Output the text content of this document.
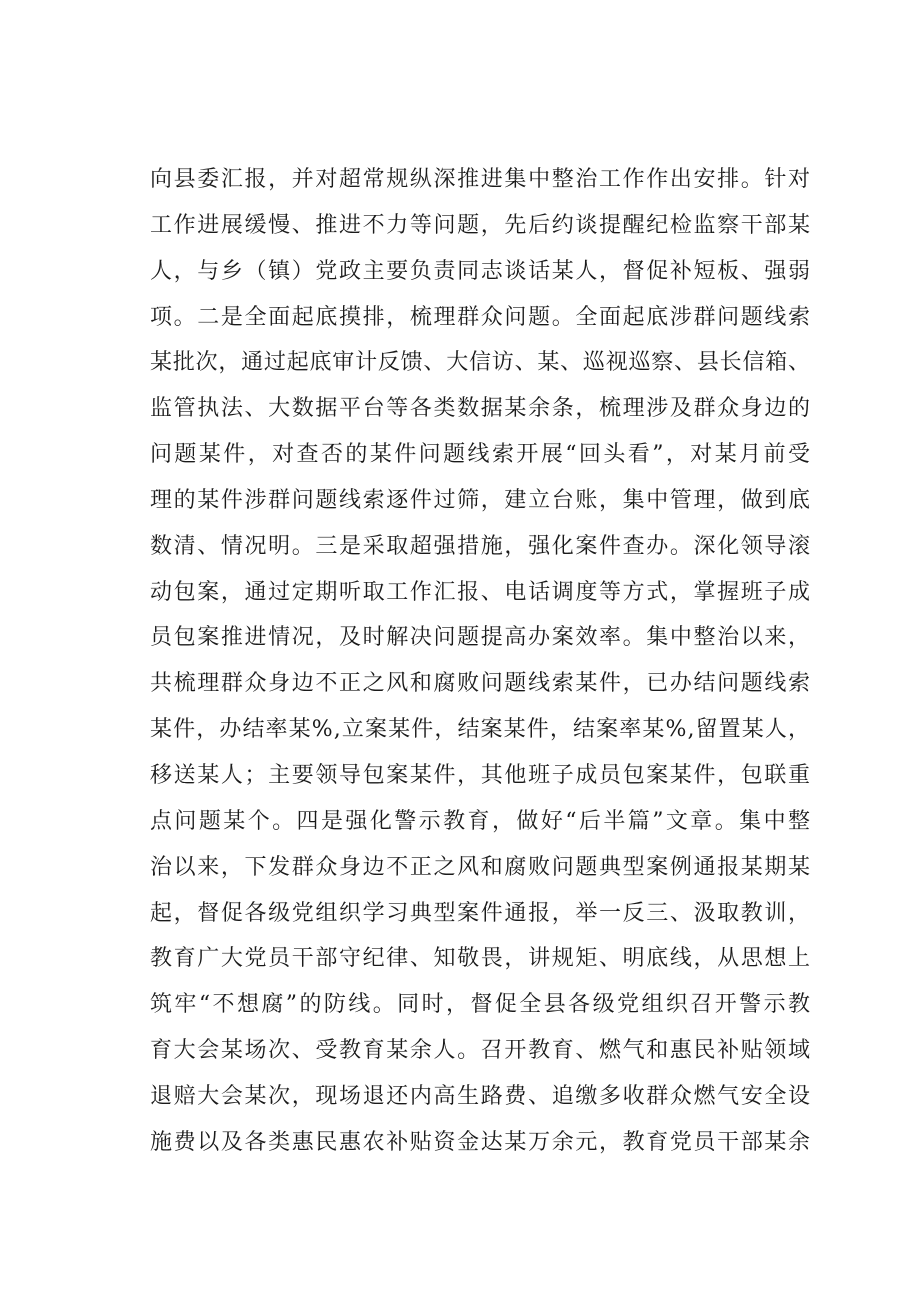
向县委汇报，并对超常规纵深推进集中整治工作作出安排。针对
工作进展缓慢、推进不力等问题，先后约谈提醒纪检监察干部某
人，与乡（镇）党政主要负责同志谈话某人，督促补短板、强弱
项。二是全面起底摸排，梳理群众问题。全面起底涉群问题线索
某批次，通过起底审计反馈、大信访、某、巡视巡察、县长信箱、
监管执法、大数据平台等各类数据某余条，梳理涉及群众身边的
问题某件，对查否的某件问题线索开展“回头看”，对某月前受
理的某件涉群问题线索逐件过筛，建立台账，集中管理，做到底
数清、情况明。三是采取超强措施，强化案件查办。深化领导滚
动包案，通过定期听取工作汇报、电话调度等方式，掌握班子成
员包案推进情况，及时解决问题提高办案效率。集中整治以来，
共梳理群众身边不正之风和腐败问题线索某件，已办结问题线索
某件，办结率某%,立案某件，结案某件，结案率某%,留置某人，
移送某人；主要领导包案某件，其他班子成员包案某件，包联重
点问题某个。四是强化警示教育，做好“后半篇”文章。集中整
治以来，下发群众身边不正之风和腐败问题典型案例通报某期某
起，督促各级党组织学习典型案件通报，举一反三、汲取教训，
教育广大党员干部守纪律、知敬畏，讲规矩、明底线，从思想上
筑牢“不想腐”的防线。同时，督促全县各级党组织召开警示教
育大会某场次、受教育某余人。召开教育、燃气和惠民补贴领域
退赔大会某次，现场退还内高生路费、追缴多收群众燃气安全设
施费以及各类惠民惠农补贴资金达某万余元，教育党员干部某余
